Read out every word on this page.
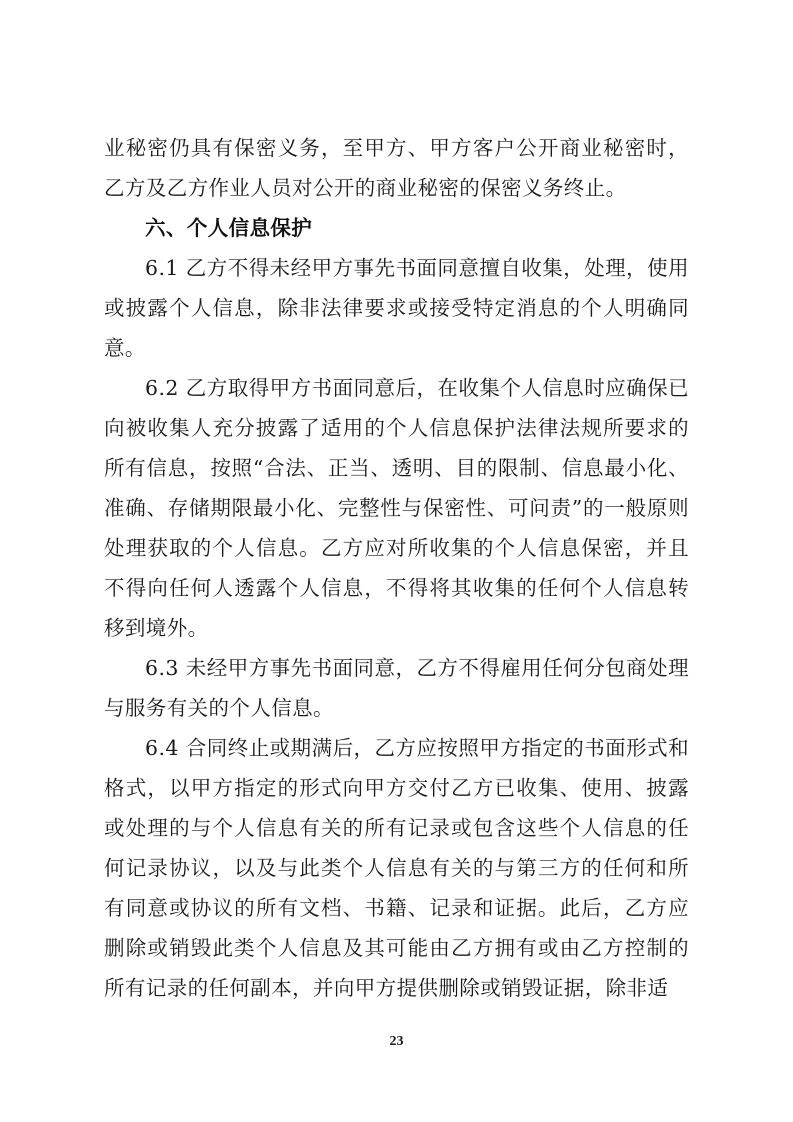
业秘密仍具有保密义务，至甲方、甲方客户公开商业秘密时，乙方及乙方作业人员对公开的商业秘密的保密义务终止。

六、个人信息保护

6.1 乙方不得未经甲方事先书面同意擅自收集，处理，使用或披露个人信息，除非法律要求或接受特定消息的个人明确同意。

6.2 乙方取得甲方书面同意后，在收集个人信息时应确保已向被收集人充分披露了适用的个人信息保护法律法规所要求的所有信息，按照“合法、正当、透明、目的限制、信息最小化、准确、存储期限最小化、完整性与保密性、可问责”的一般原则处理获取的个人信息。乙方应对所收集的个人信息保密，并且不得向任何人透露个人信息，不得将其收集的任何个人信息转移到境外。

6.3 未经甲方事先书面同意，乙方不得雇用任何分包商处理与服务有关的个人信息。

6.4 合同终止或期满后，乙方应按照甲方指定的书面形式和格式，以甲方指定的形式向甲方交付乙方已收集、使用、披露或处理的与个人信息有关的所有记录或包含这些个人信息的任何记录协议，以及与此类个人信息有关的与第三方的任何和所有同意或协议的所有文档、书籍、记录和证据。此后，乙方应删除或销毁此类个人信息及其可能由乙方拥有或由乙方控制的所有记录的任何副本，并向甲方提供删除或销毁证据，除非适

23
